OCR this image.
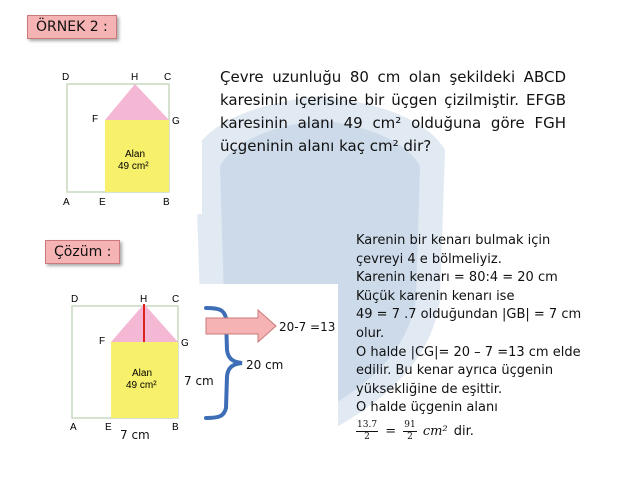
ÖRNEK 2 :
D	H	C
F	G
A	E	B
Alan
49 cm²
Çevre uzunluğu 80 cm olan şekildeki ABCD karesinin içerisine bir üçgen çizilmiştir. EFGB karesinin alanı 49 cm² olduğuna göre FGH üçgeninin alanı kaç cm² dir?
Çözüm :
D	H C
F	G
A	E	B
Alan
49 cm²
20-7 =13
20 cm
7 cm
7 cm
Karenin bir kenarı bulmak için
çevreyi 4 e bölmeliyiz.
Karenin kenarı = 80:4 = 20 cm
Küçük karenin kenarı ise
49 = 7 .7 olduğundan |GB| = 7 cm
olur.
O halde |CG|= 20 – 7 =13 cm elde
edilir. Bu kenar ayrıca üçgenin
yüksekliğine de eşittir.
O halde üçgenin alanı
$\frac{13.7}{2} = \frac{91}{2} cm^2$ dir.
